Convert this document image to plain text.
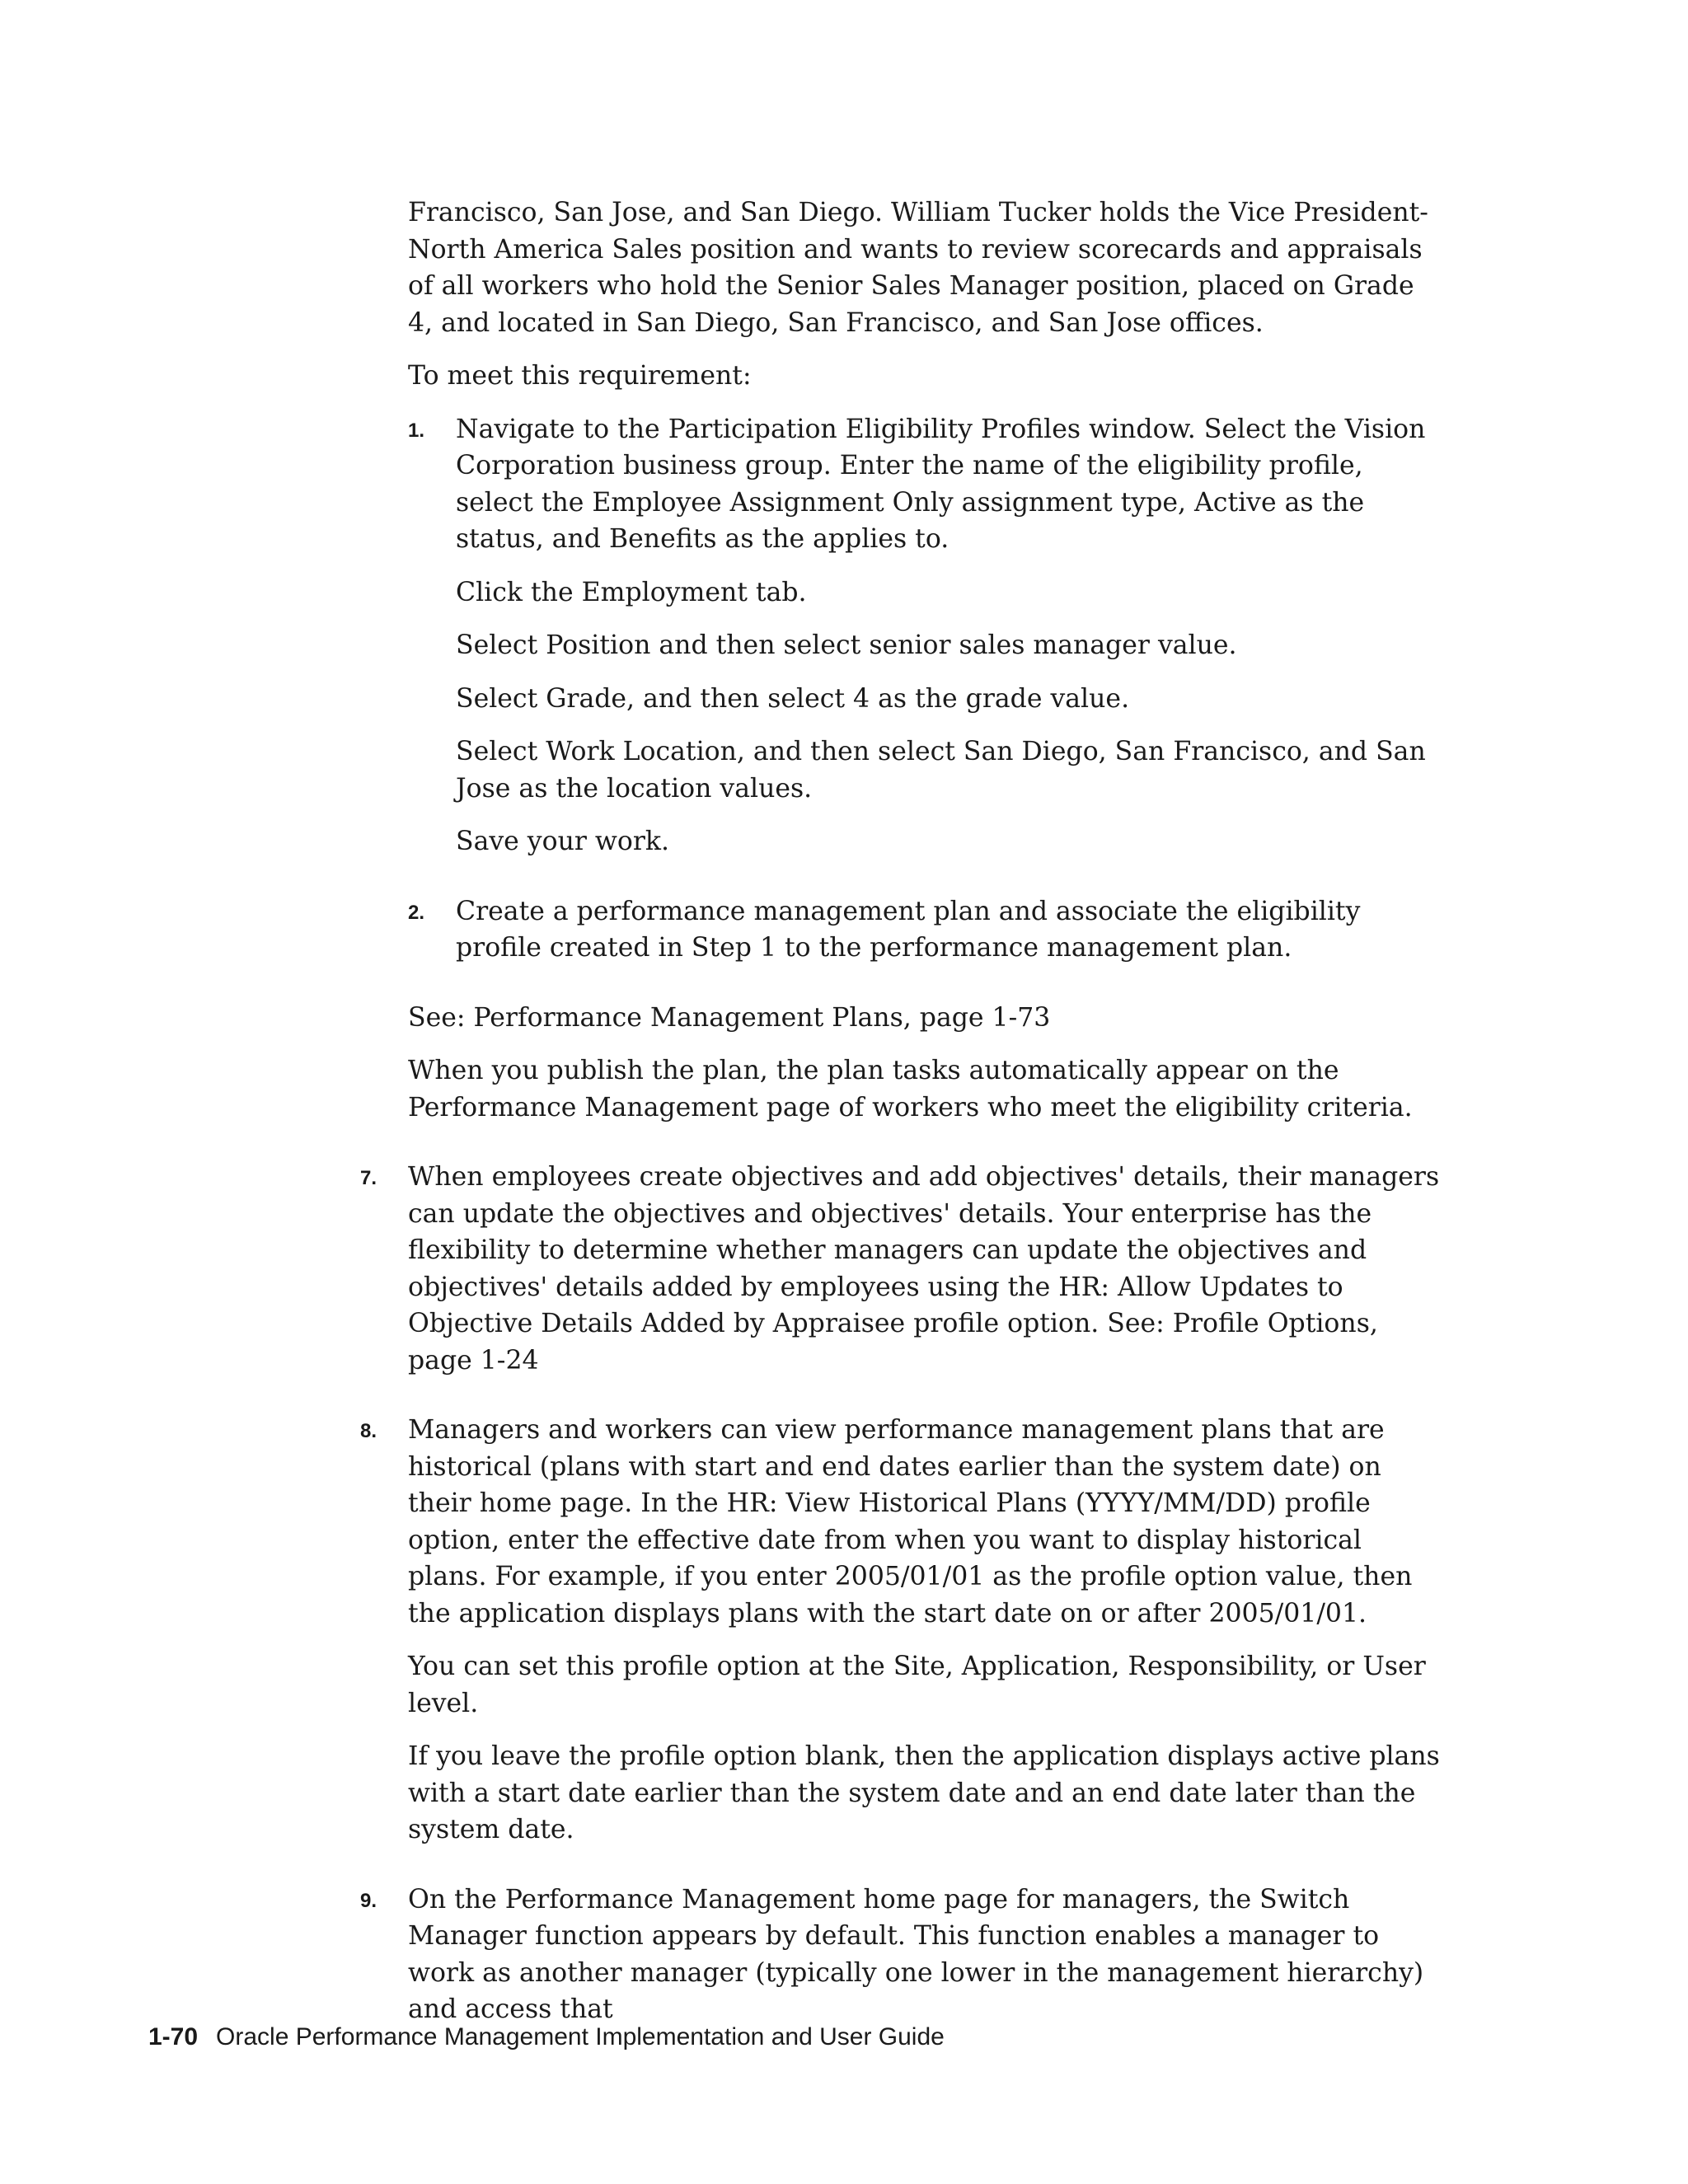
Francisco, San Jose, and San Diego. William Tucker holds the Vice President-North America Sales position and wants to review scorecards and appraisals of all workers who hold the Senior Sales Manager position, placed on Grade 4, and located in San Diego, San Francisco, and San Jose offices.

To meet this requirement:

1. Navigate to the Participation Eligibility Profiles window. Select the Vision Corporation business group. Enter the name of the eligibility profile, select the Employee Assignment Only assignment type, Active as the status, and Benefits as the applies to.

Click the Employment tab.

Select Position and then select senior sales manager value.

Select Grade, and then select 4 as the grade value.

Select Work Location, and then select San Diego, San Francisco, and San Jose as the location values.

Save your work.

2. Create a performance management plan and associate the eligibility profile created in Step 1 to the performance management plan.

See: Performance Management Plans, page 1-73

When you publish the plan, the plan tasks automatically appear on the Performance Management page of workers who meet the eligibility criteria.

7. When employees create objectives and add objectives' details, their managers can update the objectives and objectives' details. Your enterprise has the flexibility to determine whether managers can update the objectives and objectives' details added by employees using the HR: Allow Updates to Objective Details Added by Appraisee profile option. See: Profile Options, page 1-24

8. Managers and workers can view performance management plans that are historical (plans with start and end dates earlier than the system date) on their home page. In the HR: View Historical Plans (YYYY/MM/DD) profile option, enter the effective date from when you want to display historical plans. For example, if you enter 2005/01/01 as the profile option value, then the application displays plans with the start date on or after 2005/01/01.

You can set this profile option at the Site, Application, Responsibility, or User level.

If you leave the profile option blank, then the application displays active plans with a start date earlier than the system date and an end date later than the system date.

9. On the Performance Management home page for managers, the Switch Manager function appears by default. This function enables a manager to work as another manager (typically one lower in the management hierarchy) and access that

1-70 Oracle Performance Management Implementation and User Guide
